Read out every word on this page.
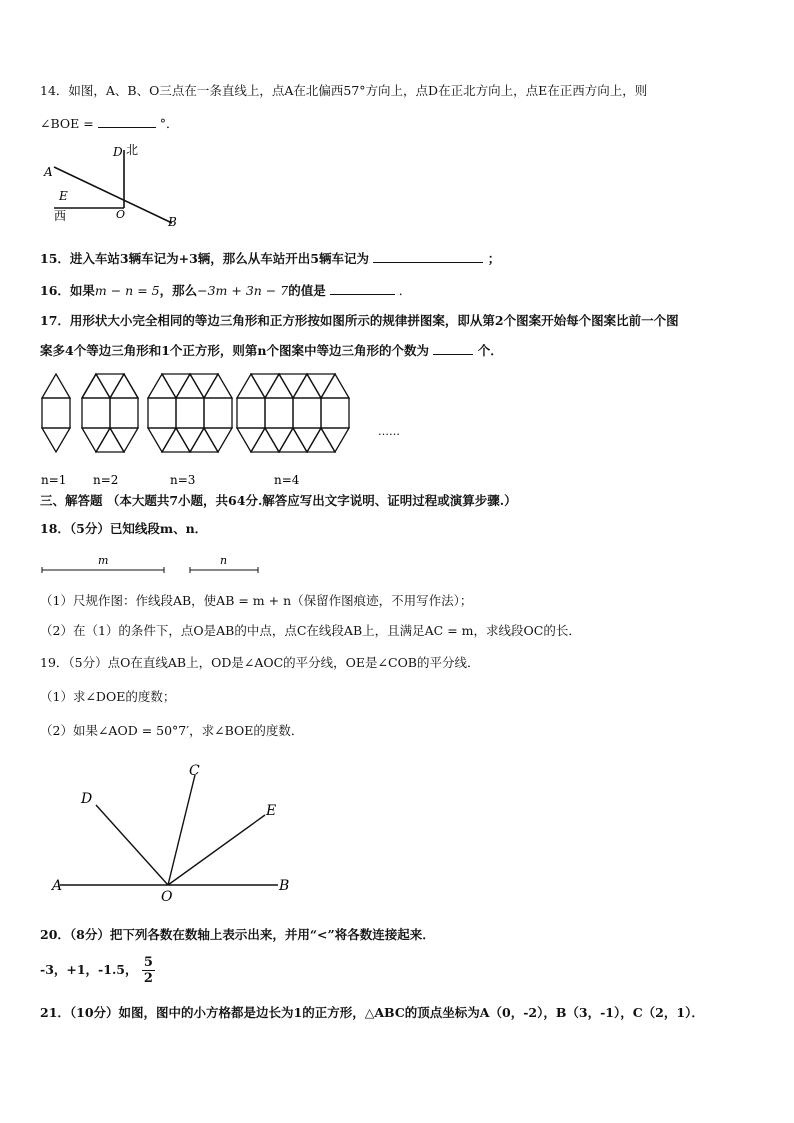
14．如图，A、B、O三点在一条直线上，点A在北偏西57°方向上，点D在正北方向上，点E在正西方向上，则
∠BOE =	°．
D 北
A
E
西	O
B
15．进入车站3辆车记为+3辆，那么从车站开出5辆车记为	；
16．如果m − n = 5，那么−3m + 3n − 7的值是	．
17．用形状大小完全相同的等边三角形和正方形按如图所示的规律拼图案，即从第2个图案开始每个图案比前一个图
案多4个等边三角形和1个正方形，则第n个图案中等边三角形的个数为	个．
……
n=1 n=2	n=3	n=4
三、解答题 （本大题共7小题，共64分.解答应写出文字说明、证明过程或演算步骤.）
18．（5分）已知线段m、n．
m	n
（1）尺规作图：作线段AB，使AB = m + n（保留作图痕迹，不用写作法）；
（2）在（1）的条件下，点O是AB的中点，点C在线段AB上，且满足AC = m，求线段OC的长．
19．（5分）点O在直线AB上，OD是∠AOC的平分线，OE是∠COB的平分线．
（1）求∠DOE的度数；
（2）如果∠AOD = 50°7′，求∠BOE的度数．
C
D
E
A
O
B
20．（8分）把下列各数在数轴上表示出来，并用“<”将各数连接起来．
-3，+1，-1.5， $\frac{5}{2}$
21．（10分）如图，图中的小方格都是边长为1的正方形，△ABC的顶点坐标为A（0，-2），B（3，-1），C（2，1）．
